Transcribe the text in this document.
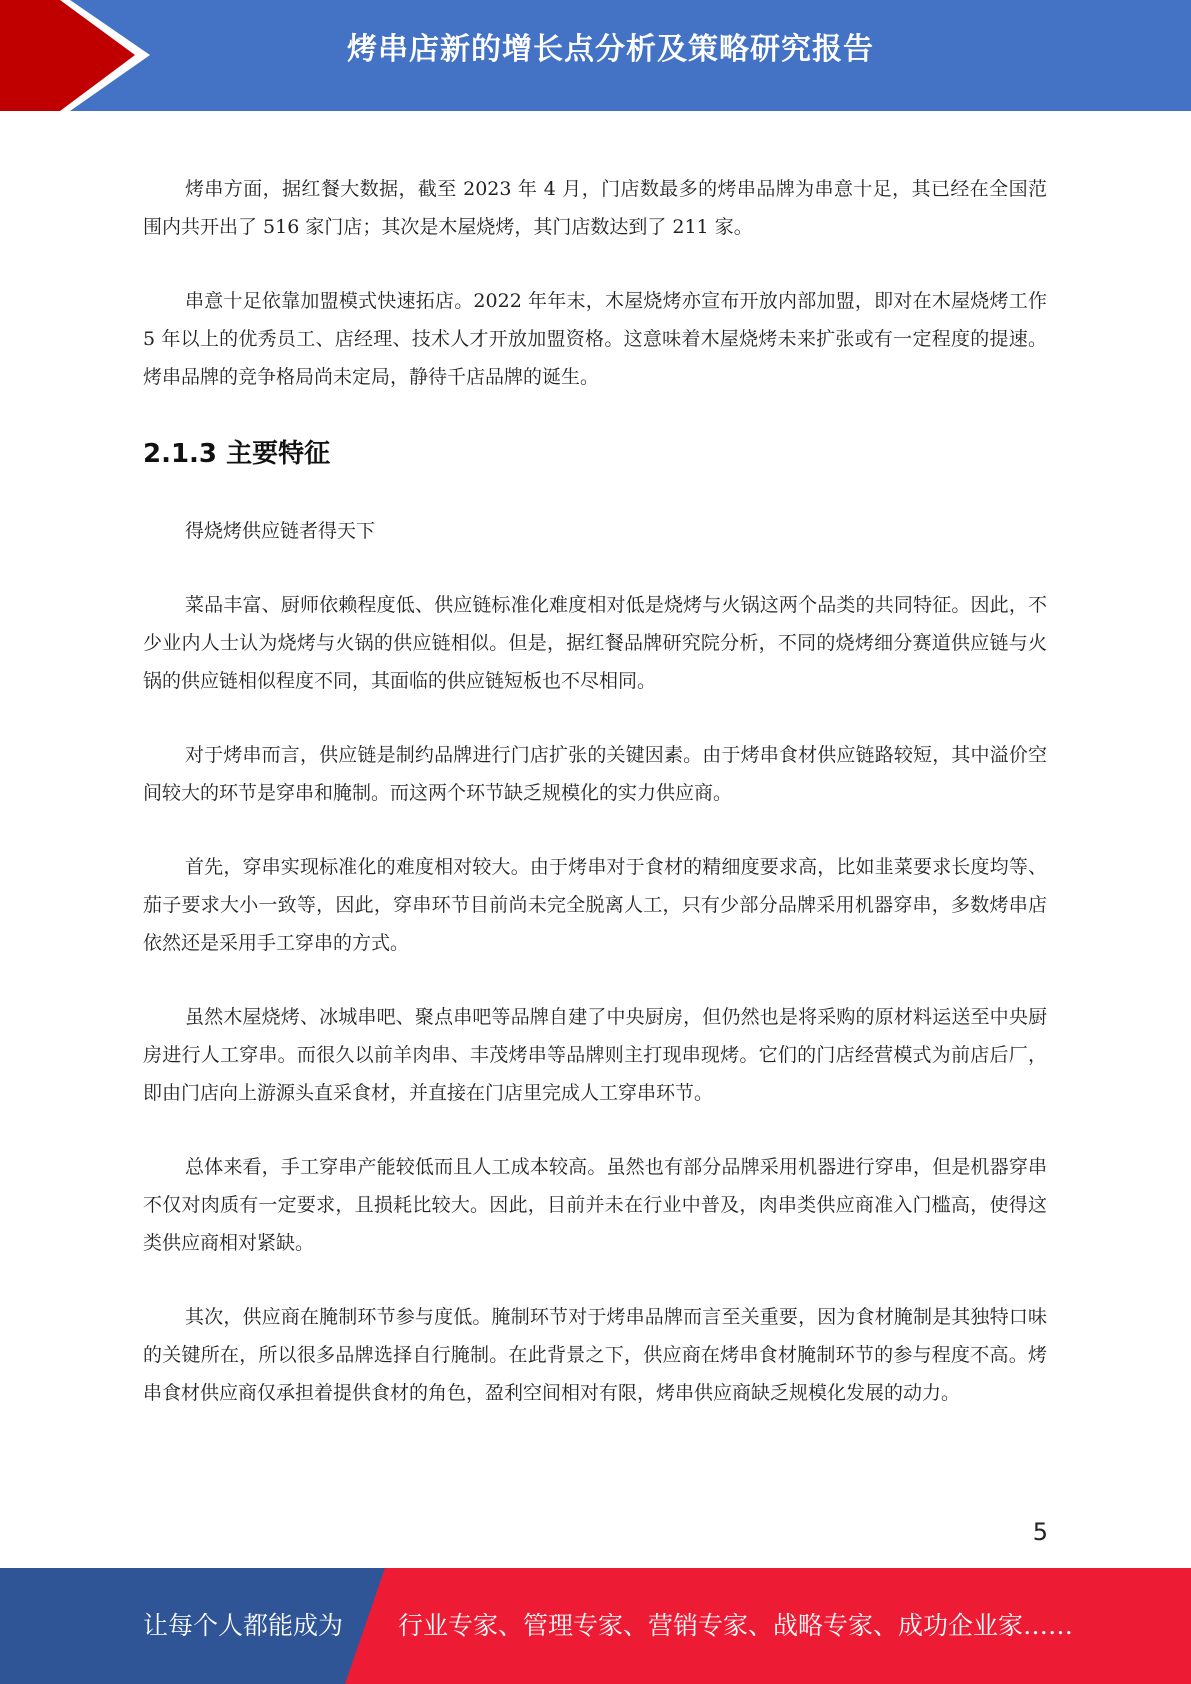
烤串店新的增长点分析及策略研究报告

烤串方面，据红餐大数据，截至 2023 年 4 月，门店数最多的烤串品牌为串意十足，其已经在全国范围内共开出了 516 家门店；其次是木屋烧烤，其门店数达到了 211 家。

串意十足依靠加盟模式快速拓店。2022 年年末，木屋烧烤亦宣布开放内部加盟，即对在木屋烧烤工作 5 年以上的优秀员工、店经理、技术人才开放加盟资格。这意味着木屋烧烤未来扩张或有一定程度的提速。烤串品牌的竞争格局尚未定局，静待千店品牌的诞生。

2.1.3 主要特征

得烧烤供应链者得天下

菜品丰富、厨师依赖程度低、供应链标准化难度相对低是烧烤与火锅这两个品类的共同特征。因此，不少业内人士认为烧烤与火锅的供应链相似。但是，据红餐品牌研究院分析，不同的烧烤细分赛道供应链与火锅的供应链相似程度不同，其面临的供应链短板也不尽相同。

对于烤串而言，供应链是制约品牌进行门店扩张的关键因素。由于烤串食材供应链路较短，其中溢价空间较大的环节是穿串和腌制。而这两个环节缺乏规模化的实力供应商。

首先，穿串实现标准化的难度相对较大。由于烤串对于食材的精细度要求高，比如韭菜要求长度均等、茄子要求大小一致等，因此，穿串环节目前尚未完全脱离人工，只有少部分品牌采用机器穿串，多数烤串店依然还是采用手工穿串的方式。

虽然木屋烧烤、冰城串吧、聚点串吧等品牌自建了中央厨房，但仍然也是将采购的原材料运送至中央厨房进行人工穿串。而很久以前羊肉串、丰茂烤串等品牌则主打现串现烤。它们的门店经营模式为前店后厂，即由门店向上游源头直采食材，并直接在门店里完成人工穿串环节。

总体来看，手工穿串产能较低而且人工成本较高。虽然也有部分品牌采用机器进行穿串，但是机器穿串不仅对肉质有一定要求，且损耗比较大。因此，目前并未在行业中普及，肉串类供应商准入门槛高，使得这类供应商相对紧缺。

其次，供应商在腌制环节参与度低。腌制环节对于烤串品牌而言至关重要，因为食材腌制是其独特口味的关键所在，所以很多品牌选择自行腌制。在此背景之下，供应商在烤串食材腌制环节的参与程度不高。烤串食材供应商仅承担着提供食材的角色，盈利空间相对有限，烤串供应商缺乏规模化发展的动力。

5
让每个人都能成为 行业专家、管理专家、营销专家、战略专家、成功企业家……
